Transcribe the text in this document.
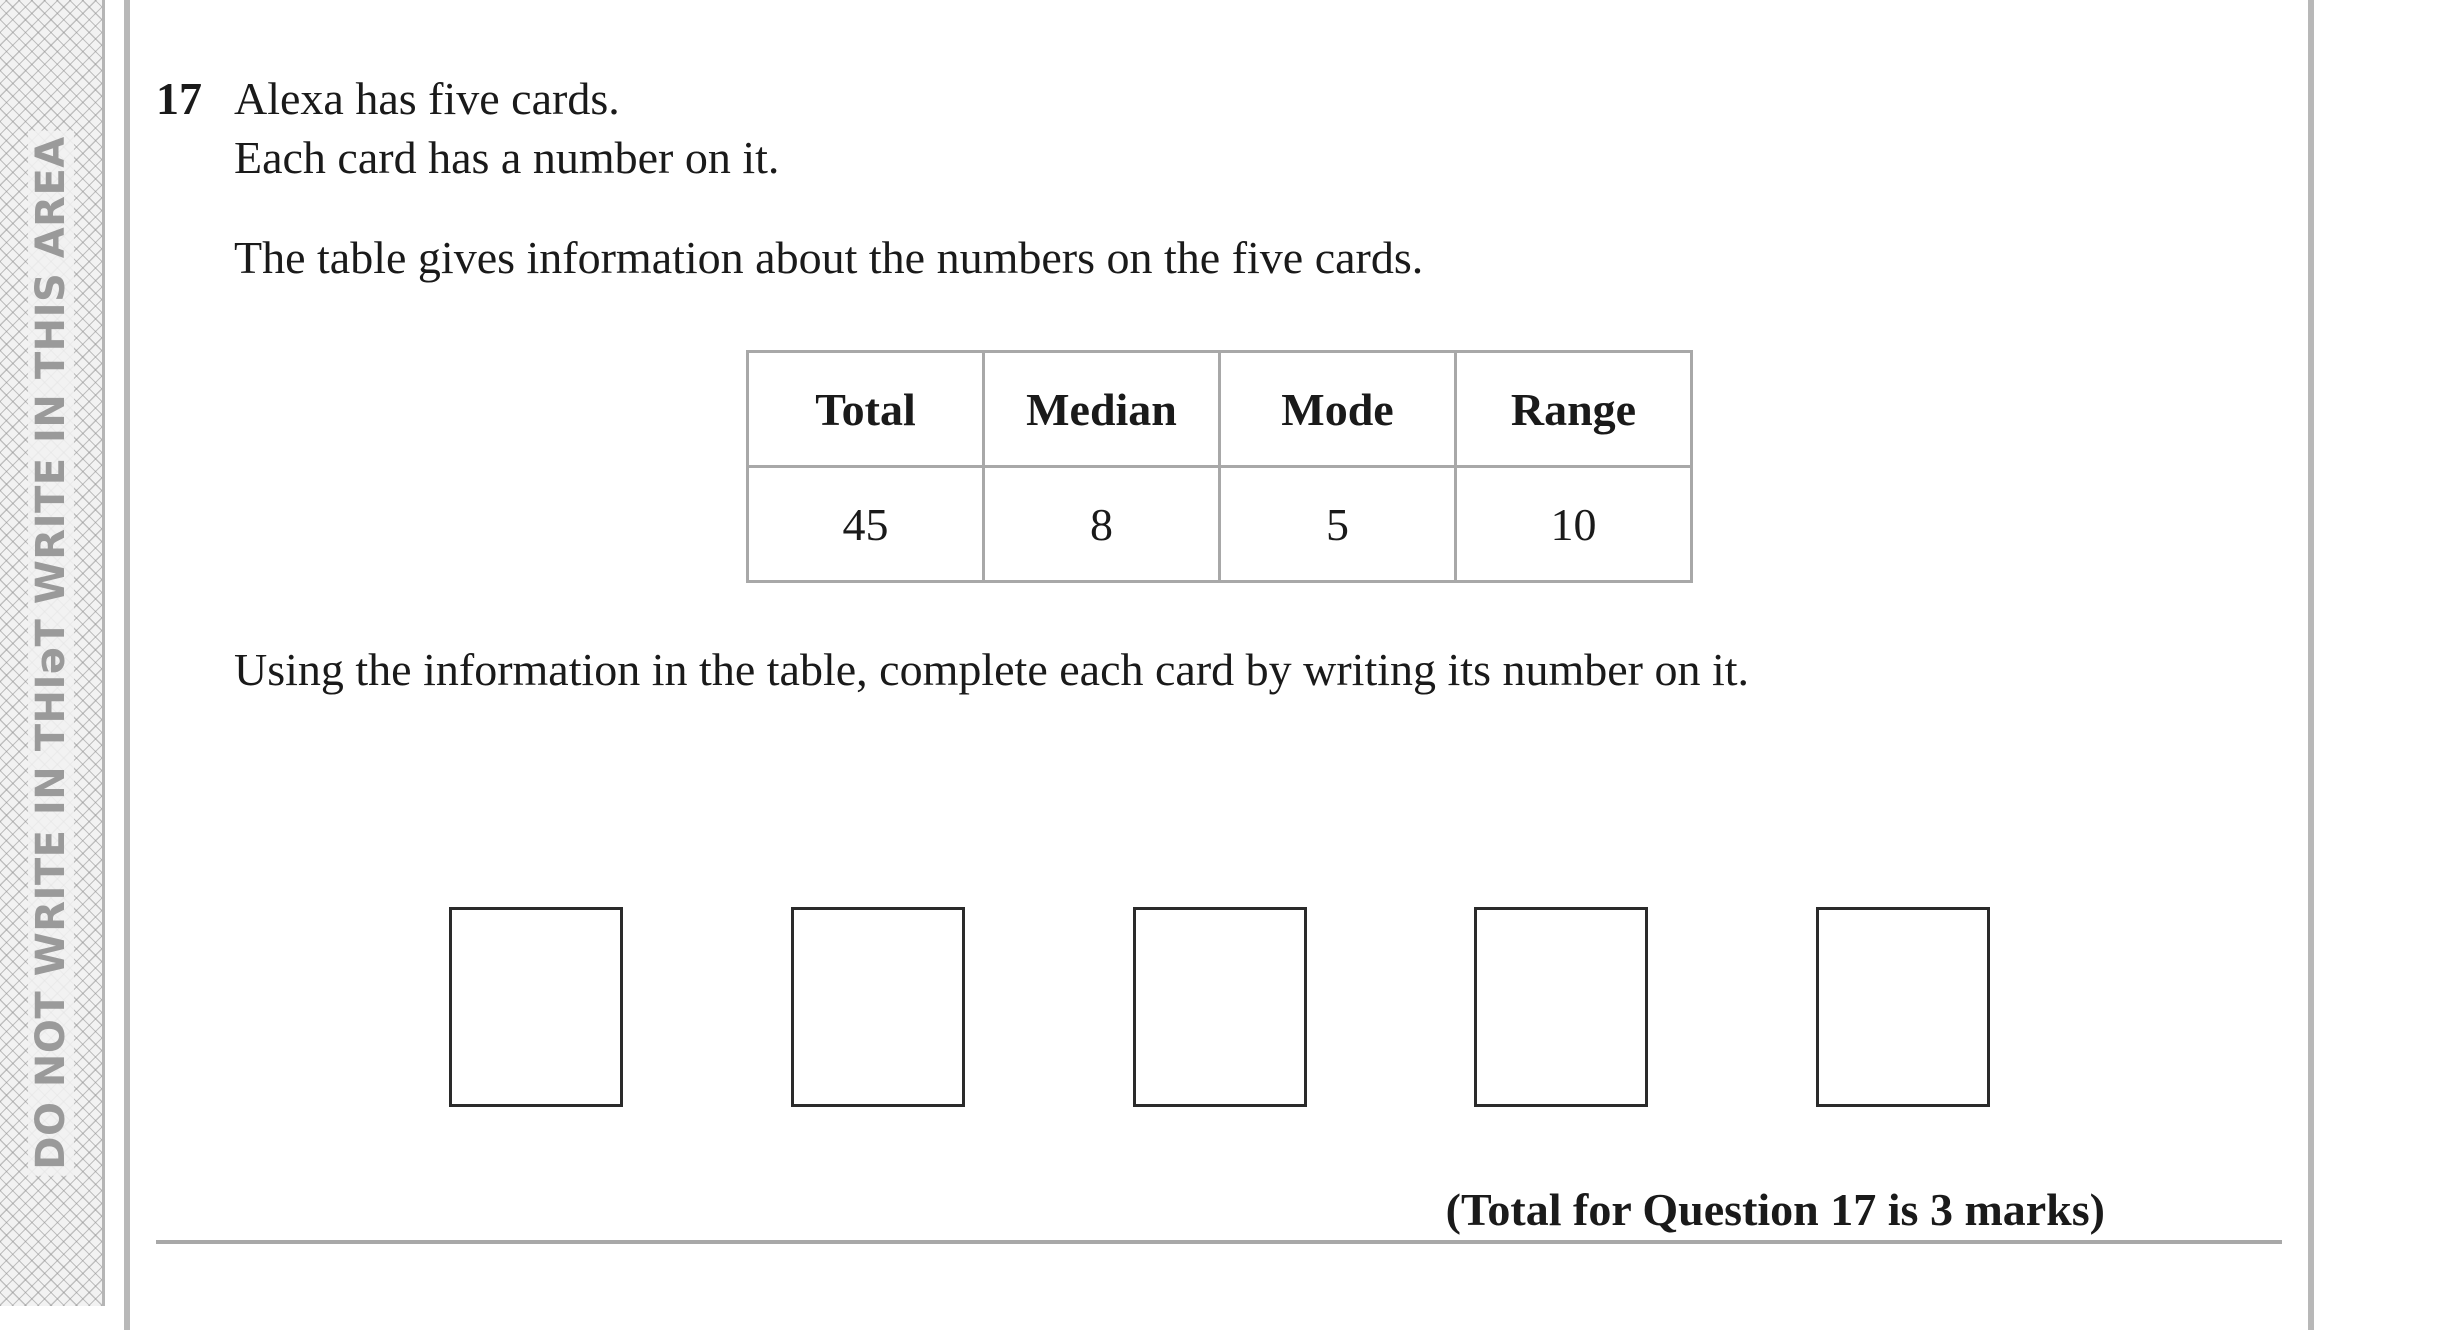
DO NOT WRITE IN THIəT WRITE IN THIS AREA
17 Alexa has five cards.
Each card has a number on it.
The table gives information about the numbers on the five cards.
Total	Median	Mode	Range
45	8	5	10
Using the information in the table, complete each card by writing its number on it.
(Total for Question 17 is 3 marks)
